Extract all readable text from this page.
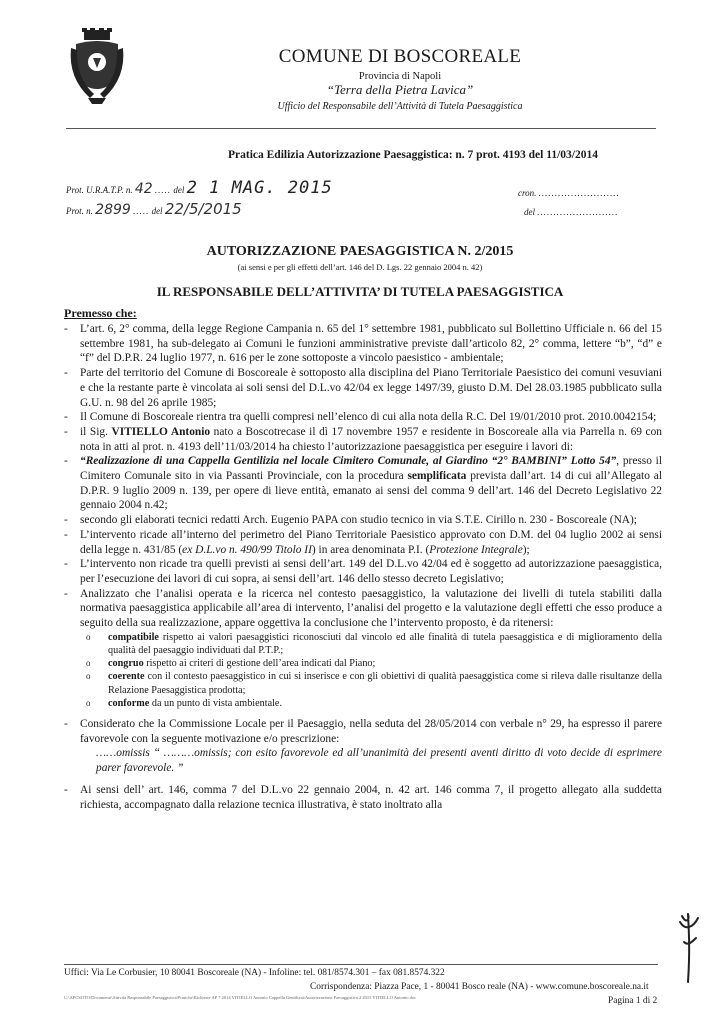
COMUNE DI BOSCOREALE
Provincia di Napoli
“Terra della Pietra Lavica”
Ufficio del Responsabile dell’Attività di Tutela Paesaggistica
Pratica Edilizia Autorizzazione Paesaggistica: n. 7 prot. 4193 del 11/03/2014
Prot. U.R.A.T.P. n. 42 ..... del 2 1 MAG. 2015
Prot. n. 2899 ..... del 22/5/2015
cron. .........................
del .........................
AUTORIZZAZIONE PAESAGGISTICA N. 2/2015
(ai sensi e per gli effetti dell’art. 146 del D. Lgs. 22 gennaio 2004 n. 42)
IL RESPONSABILE DELL’ATTIVITA’ DI TUTELA PAESAGGISTICA
Premesso che:
- L’art. 6, 2° comma, della legge Regione Campania n. 65 del 1° settembre 1981, pubblicato sul Bollettino Ufficiale n. 66 del 15 settembre 1981, ha sub-delegato ai Comuni le funzioni amministrative previste dall’articolo 82, 2° comma, lettere “b”, “d” e “f” del D.P.R. 24 luglio 1977, n. 616 per le zone sottoposte a vincolo paesistico - ambientale;
- Parte del territorio del Comune di Boscoreale è sottoposto alla disciplina del Piano Territoriale Paesistico dei comuni vesuviani e che la restante parte è vincolata ai soli sensi del D.L.vo 42/04 ex legge 1497/39, giusto D.M. Del 28.03.1985 pubblicato sulla G.U. n. 98 del 26 aprile 1985;
- Il Comune di Boscoreale rientra tra quelli compresi nell’elenco di cui alla nota della R.C. Del 19/01/2010 prot. 2010.0042154;
- il Sig. VITIELLO Antonio nato a Boscotrecase il dì 17 novembre 1957 e residente in Boscoreale alla via Parrella n. 69 con nota in atti al prot. n. 4193 dell’11/03/2014 ha chiesto l’autorizzazione paesaggistica per eseguire i lavori di:
- “Realizzazione di una Cappella Gentilizia nel locale Cimitero Comunale, al Giardino “2° BAMBINI” Lotto 54”, presso il Cimitero Comunale sito in via Passanti Provinciale, con la procedura semplificata prevista dall’art. 14 di cui all’Allegato al D.P.R. 9 luglio 2009 n. 139, per opere di lieve entità, emanato ai sensi del comma 9 dell’art. 146 del Decreto Legislativo 22 gennaio 2004 n.42;
- secondo gli elaborati tecnici redatti Arch. Eugenio PAPA con studio tecnico in via S.T.E. Cirillo n. 230 - Boscoreale (NA);
- L’intervento ricade all’interno del perimetro del Piano Territoriale Paesistico approvato con D.M. del 04 luglio 2002 ai sensi della legge n. 431/85 (ex D.L.vo n. 490/99 Titolo II) in area denominata P.I. (Protezione Integrale);
- L’intervento non ricade tra quelli previsti ai sensi dell’art. 149 del D.L.vo 42/04 ed è soggetto ad autorizzazione paesaggistica, per l’esecuzione dei lavori di cui sopra, ai sensi dell’art. 146 dello stesso decreto Legislativo;
- Analizzato che l’analisi operata e la ricerca nel contesto paesaggistico, la valutazione dei livelli di tutela stabiliti dalla normativa paesaggistica applicabile all’area di intervento, l’analisi del progetto e la valutazione degli effetti che esso produce a seguito della sua realizzazione, appare oggettiva la conclusione che l’intervento proposto, è da ritenersi:
o compatibile rispetto ai valori paesaggistici riconosciuti dal vincolo ed alle finalità di tutela paesaggistica e di miglioramento della qualità del paesaggio individuati dal P.T.P.;
o congruo rispetto ai criteri di gestione dell’area indicati dal Piano;
o coerente con il contesto paesaggistico in cui si inserisce e con gli obiettivi di qualità paesaggistica come si rileva dalle risultanze della Relazione Paesaggistica prodotta;
o conforme da un punto di vista ambientale.
- Considerato che la Commissione Locale per il Paesaggio, nella seduta del 28/05/2014 con verbale n° 29, ha espresso il parere favorevole con la seguente motivazione e/o prescrizione:
……omissis “ ………omissis; con esito favorevole ed all’unanimità dei presenti aventi diritto di voto decide di esprimere parer favorevole. ”
- Ai sensi dell’ art. 146, comma 7 del D.L.vo 22 gennaio 2004, n. 42 art. 146 comma 7, il progetto allegato alla suddetta richiesta, accompagnato dalla relazione tecnica illustrativa, è stato inoltrato alla
Uffici: Via Le Corbusier, 10 80041 Boscoreale (NA) - Infoline: tel. 081/8574.301 – fax 081.8574.322
Corrispondenza: Piazza Pace, 1 - 80041 Bosco reale (NA) - www.comune.boscoreale.na.it
C:\APCSOTO\Documenti\Attività Responsabile Paesaggistica\Pratiche\Richieste AP 7 2014 VITIELLO Antonio Cappella Gentilizia\Autorizzazione Paesaggistica 2 2015 VITIELLO Antonio.doc	Pagina 1 di 2
